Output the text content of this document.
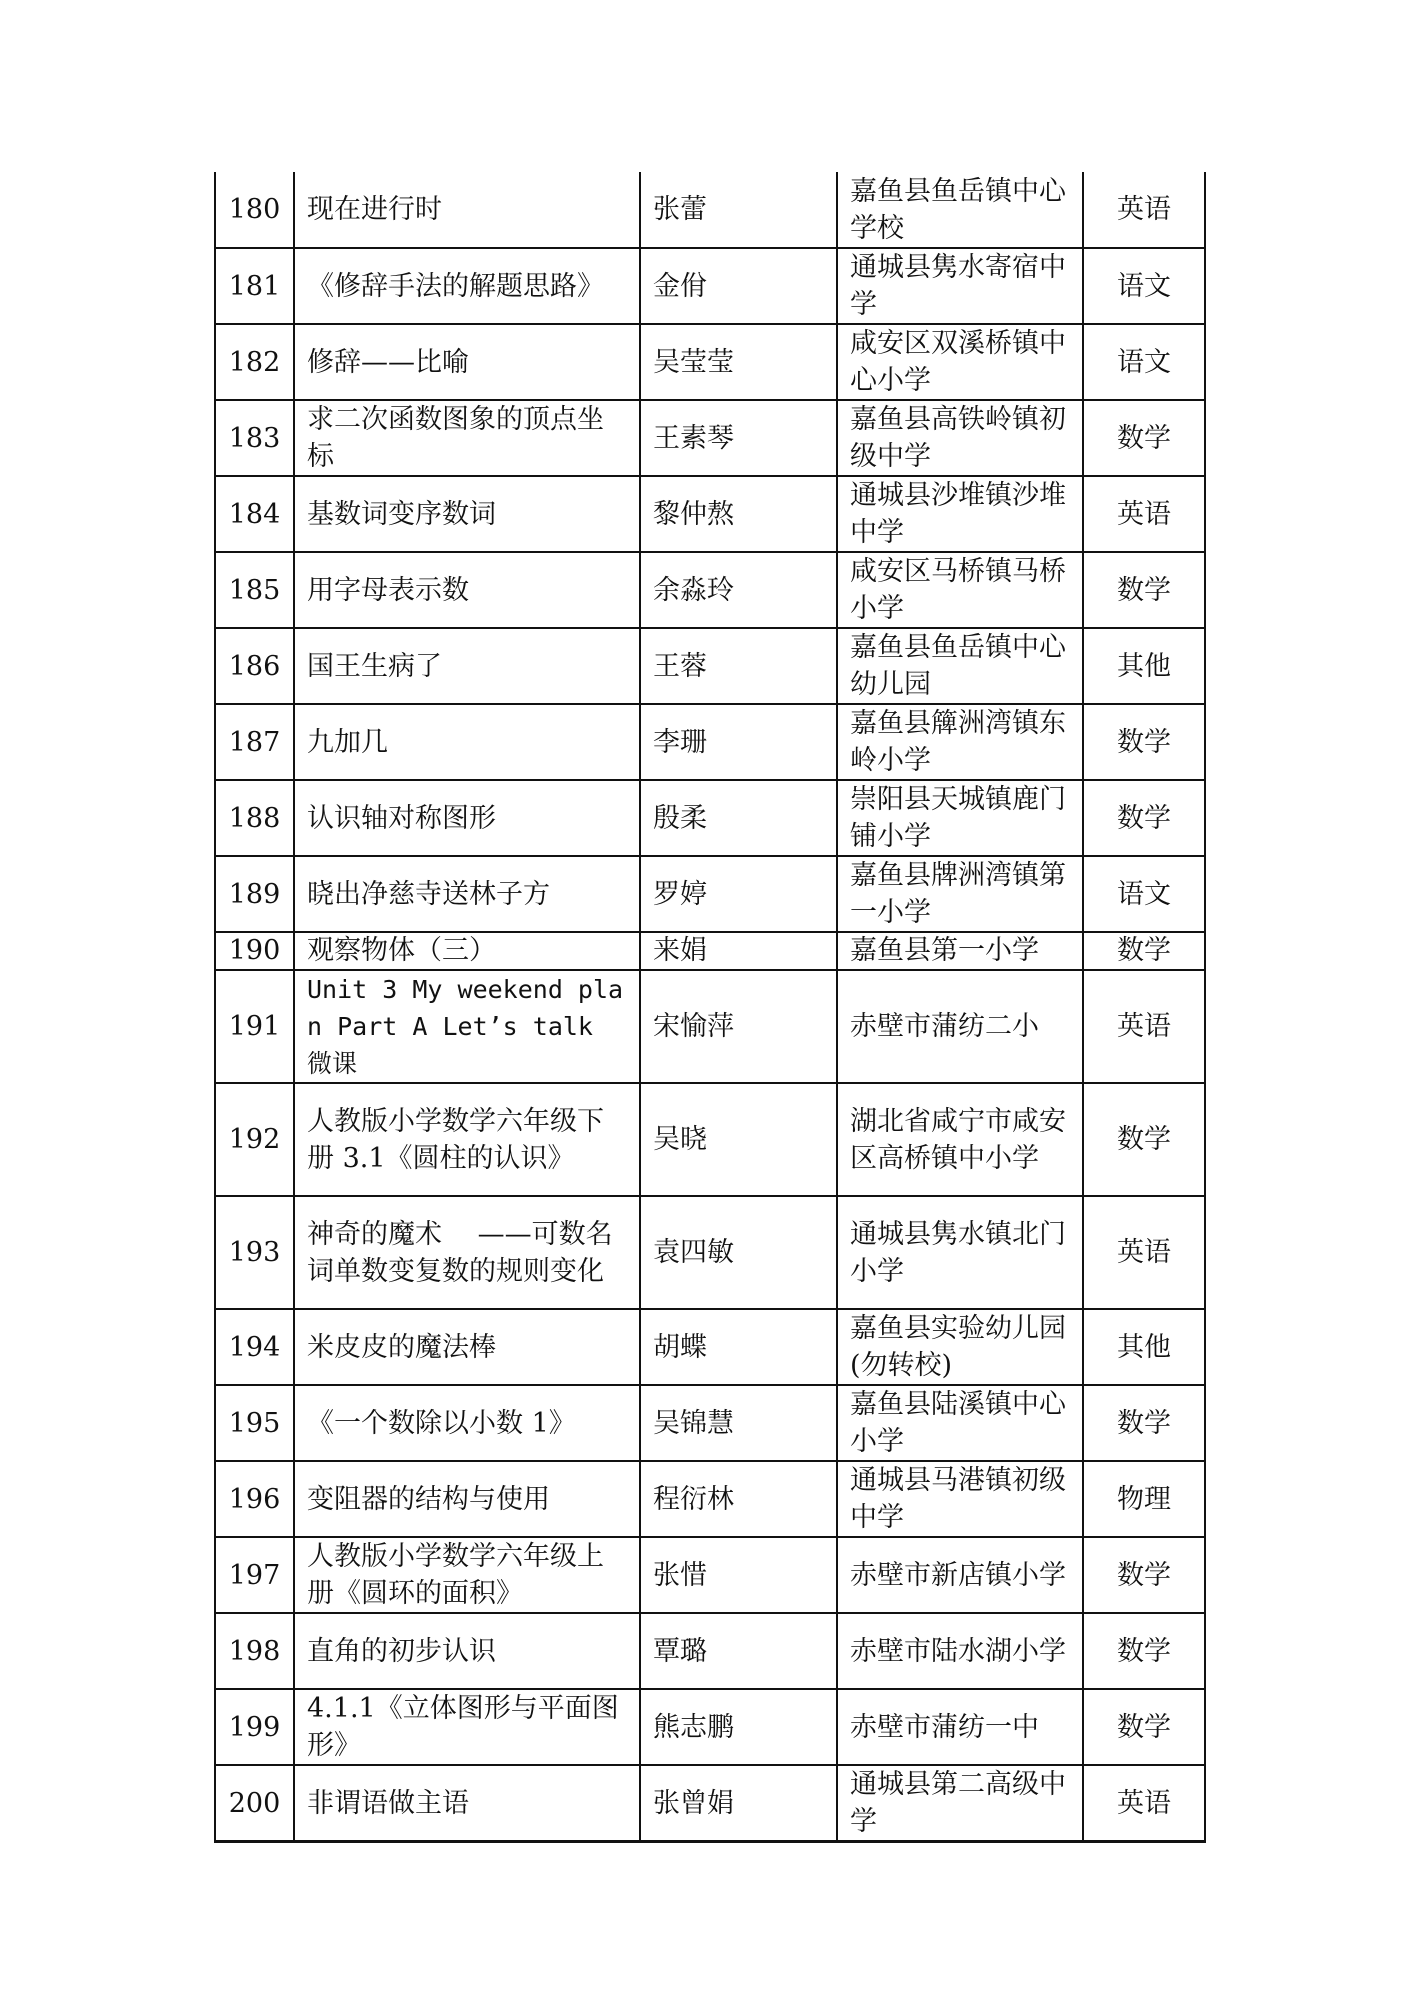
180	现在进行时	张蕾	嘉鱼县鱼岳镇中心学校	英语
181	《修辞手法的解题思路》	金佾	通城县隽水寄宿中学	语文
182	修辞——比喻	吴莹莹	咸安区双溪桥镇中心小学	语文
183	求二次函数图象的顶点坐标	王素琴	嘉鱼县高铁岭镇初级中学	数学
184	基数词变序数词	黎仲熬	通城县沙堆镇沙堆中学	英语
185	用字母表示数	余淼玲	咸安区马桥镇马桥小学	数学
186	国王生病了	王蓉	嘉鱼县鱼岳镇中心幼儿园	其他
187	九加几	李珊	嘉鱼县簰洲湾镇东岭小学	数学
188	认识轴对称图形	殷柔	崇阳县天城镇鹿门铺小学	数学
189	晓出净慈寺送林子方	罗婷	嘉鱼县牌洲湾镇第一小学	语文
190	观察物体（三）	来娟	嘉鱼县第一小学	数学
191	Unit 3 My weekend plan Part A Let’s talk 微课	宋愉萍	赤壁市蒲纺二小	英语
192	人教版小学数学六年级下册 3.1《圆柱的认识》	吴晓	湖北省咸宁市咸安区高桥镇中小学	数学
193	神奇的魔术　 ——可数名词单数变复数的规则变化	袁四敏	通城县隽水镇北门小学	英语
194	米皮皮的魔法棒	胡蝶	嘉鱼县实验幼儿园(勿转校)	其他
195	《一个数除以小数 1》	吴锦慧	嘉鱼县陆溪镇中心小学	数学
196	变阻器的结构与使用	程衍林	通城县马港镇初级中学	物理
197	人教版小学数学六年级上册《圆环的面积》	张惜	赤壁市新店镇小学	数学
198	直角的初步认识	覃璐	赤壁市陆水湖小学	数学
199	4.1.1《立体图形与平面图形》	熊志鹏	赤壁市蒲纺一中	数学
200	非谓语做主语	张曾娟	通城县第二高级中学	英语
